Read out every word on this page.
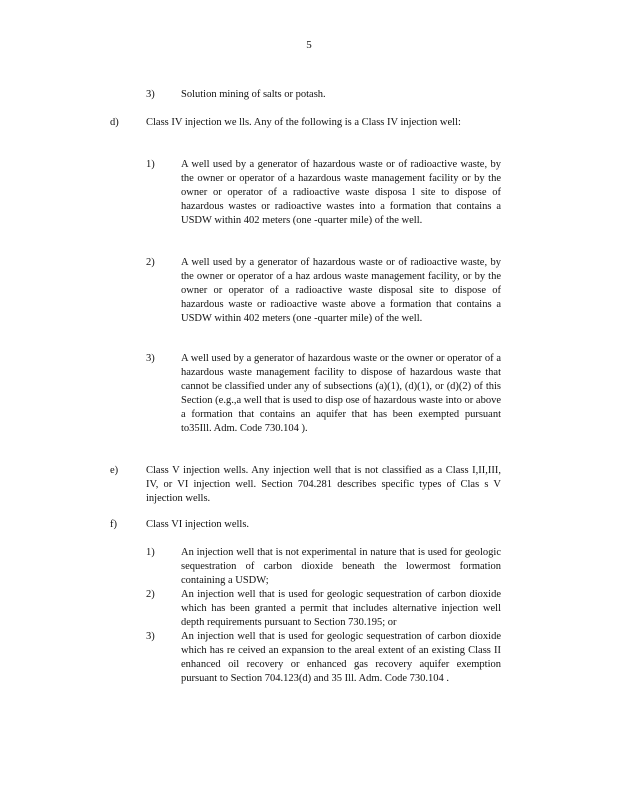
5
3)	Solution mining of salts or potash.
d)	Class IV injection we lls. Any of the following is a Class IV injection well:
1)	A well used by a generator of hazardous waste or of radioactive waste, by the owner or operator of a hazardous waste management facility or by the owner or operator of a radioactive waste disposa l site to dispose of hazardous wastes or radioactive wastes into a formation that contains a USDW within 402 meters (one -quarter mile) of the well.
2)	A well used by a generator of hazardous waste or of radioactive waste, by the owner or operator of a haz ardous waste management facility, or by the owner or operator of a radioactive waste disposal site to dispose of hazardous waste or radioactive waste above a formation that contains a USDW within 402 meters (one -quarter mile) of the well.
3)	A well used by a generator of hazardous waste or the owner or operator of a hazardous waste management facility to dispose of hazardous waste that cannot be classified under any of subsections (a)(1), (d)(1), or (d)(2) of this Section (e.g.,a well that is used to disp ose of hazardous waste into or above a formation that contains an aquifer that has been exempted pursuant to35Ill. Adm. Code 730.104 ).
e)	Class V injection wells. Any injection well that is not classified as a Class I,II,III, IV, or VI injection well. Section 704.281 describes specific types of Clas s V injection wells.
f)	Class VI injection wells.
1)	An injection well that is not experimental in nature that is used for geologic sequestration of carbon dioxide beneath the lowermost formation containing a USDW;
2)	An injection well that is used for geologic sequestration of carbon dioxide which has been granted a permit that includes alternative injection well depth requirements pursuant to Section 730.195; or
3)	An injection well that is used for geologic sequestration of carbon dioxide which has re ceived an expansion to the areal extent of an existing Class II enhanced oil recovery or enhanced gas recovery aquifer exemption pursuant to Section 704.123(d) and 35 Ill. Adm. Code 730.104 .
